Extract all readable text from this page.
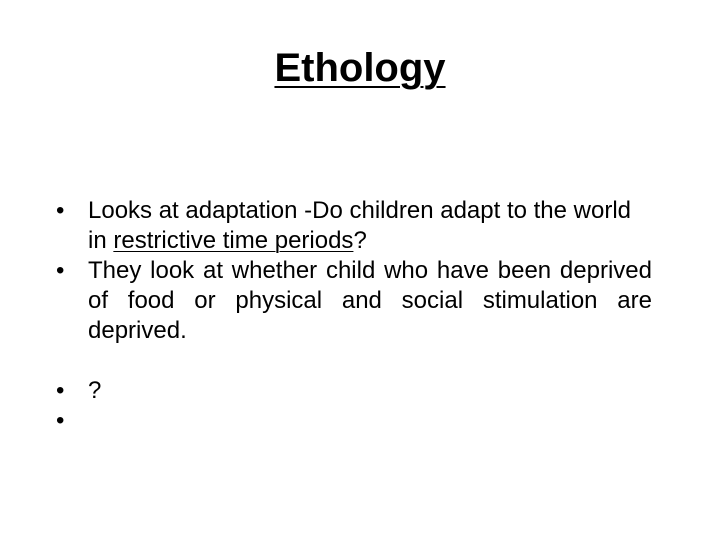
Ethology
• Looks at adaptation -Do children adapt to the world in restrictive time periods?
• They look at whether child who have been deprived of food or physical and social stimulation are deprived.
• ?
•
